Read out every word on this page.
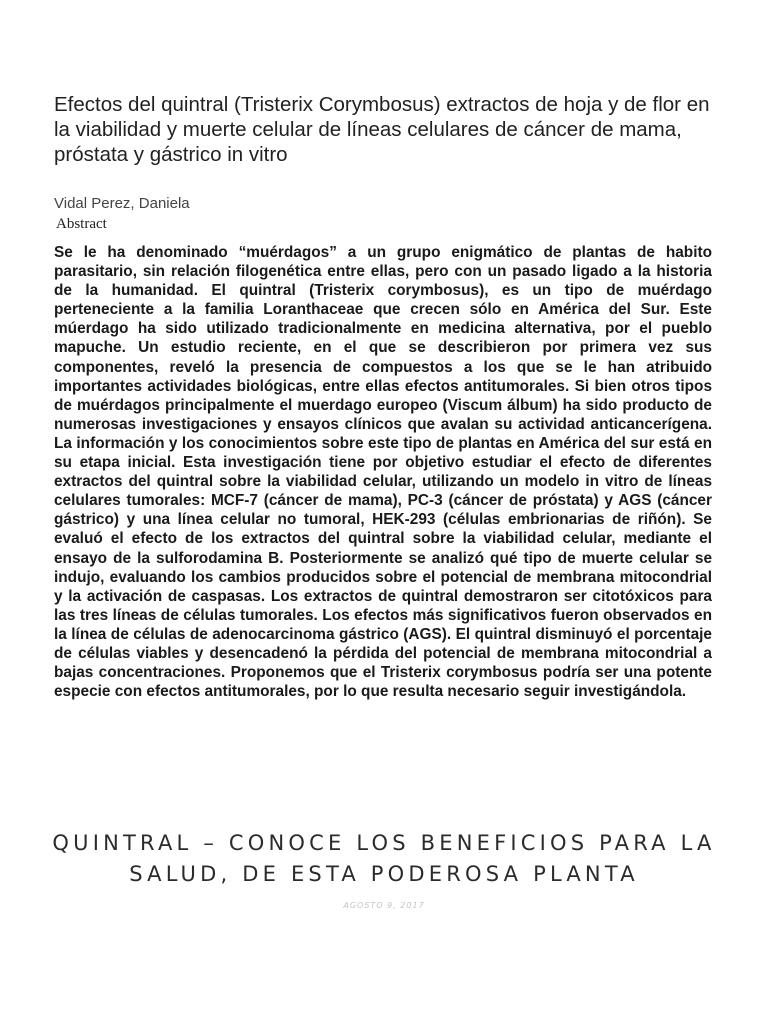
Efectos del quintral (Tristerix Corymbosus) extractos de hoja y de flor en la viabilidad y muerte celular de líneas celulares de cáncer de mama, próstata y gástrico in vitro
Vidal Perez, Daniela
Abstract

Se le ha denominado “muérdagos” a un grupo enigmático de plantas de habito parasitario, sin relación filogenética entre ellas, pero con un pasado ligado a la historia de la humanidad. El quintral (Tristerix corymbosus), es un tipo de muérdago perteneciente a la familia Loranthaceae que crecen sólo en América del Sur. Este múerdago ha sido utilizado tradicionalmente en medicina alternativa, por el pueblo mapuche. Un estudio reciente, en el que se describieron por primera vez sus componentes, reveló la presencia de compuestos a los que se le han atribuido importantes actividades biológicas, entre ellas efectos antitumorales. Si bien otros tipos de muérdagos principalmente el muerdago europeo (Viscum álbum) ha sido producto de numerosas investigaciones y ensayos clínicos que avalan su actividad anticancerígena. La información y los conocimientos sobre este tipo de plantas en América del sur está en su etapa inicial. Esta investigación tiene por objetivo estudiar el efecto de diferentes extractos del quintral sobre la viabilidad celular, utilizando un modelo in vitro de líneas celulares tumorales: MCF-7 (cáncer de mama), PC-3 (cáncer de próstata) y AGS (cáncer gástrico) y una línea celular no tumoral, HEK-293 (células embrionarias de riñón). Se evaluó el efecto de los extractos del quintral sobre la viabilidad celular, mediante el ensayo de la sulforodamina B. Posteriormente se analizó qué tipo de muerte celular se indujo, evaluando los cambios producidos sobre el potencial de membrana mitocondrial y la activación de caspasas. Los extractos de quintral demostraron ser citotóxicos para las tres líneas de células tumorales. Los efectos más significativos fueron observados en la línea de células de adenocarcinoma gástrico (AGS). El quintral disminuyó el porcentaje de células viables y desencadenó la pérdida del potencial de membrana mitocondrial a bajas concentraciones. Proponemos que el Tristerix corymbosus podría ser una potente especie con efectos antitumorales, por lo que resulta necesario seguir investigándola.

QUINTRAL – CONOCE LOS BENEFICIOS PARA LA SALUD, DE ESTA PODEROSA PLANTA
AGOSTO 9, 2017
